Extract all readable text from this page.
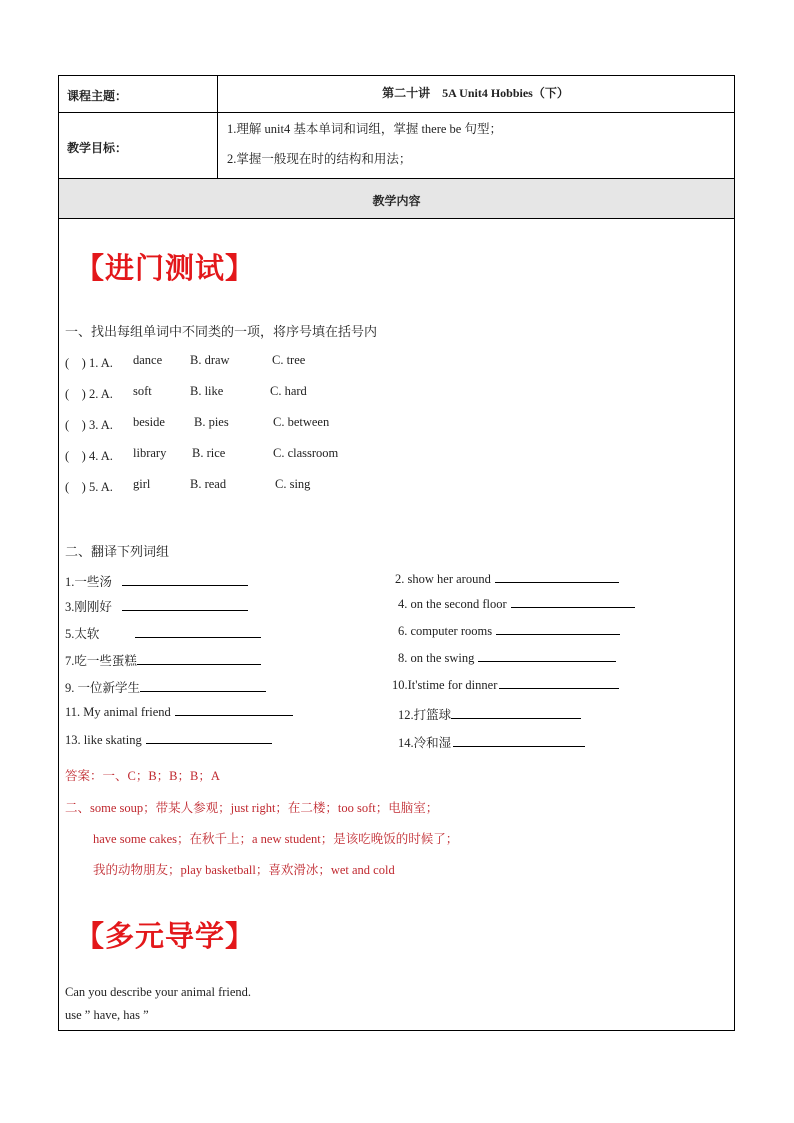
课程主题：	第二十讲　5A Unit4 Hobbies（下）
教学目标：
1.理解 unit4 基本单词和词组，掌握 there be 句型；
2.掌握一般现在时的结构和用法；
教学内容
【进门测试】
一、找出每组单词中不同类的一项，将序号填在括号内
(　) 1. A. dance B. draw	C. tree
(　) 2. A. soft	B. like	C. hard
(　) 3. A. beside B. pies	C. between
(　) 4. A. library B. rice	C. classroom
(　) 5. A. girl	B. read	C. sing
二、翻译下列词组
1.一些汤
3.刚刚好
5.太软
7.吃一些蛋糕
9. 一位新学生
11. My animal friend
13. like skating
2. show her around
4. on the second floor
6. computer rooms
8. on the swing
10.It'stime for dinner
12.打篮球
14.冷和湿
答案：一、C；B；B；B；A
二、some soup；带某人参观；just right；在二楼；too soft；电脑室；
have some cakes；在秋千上；a new student；是该吃晚饭的时候了；
我的动物朋友；play basketball；喜欢滑冰；wet and cold
【多元导学】
Can you describe your animal friend.
use ” have, has ”
